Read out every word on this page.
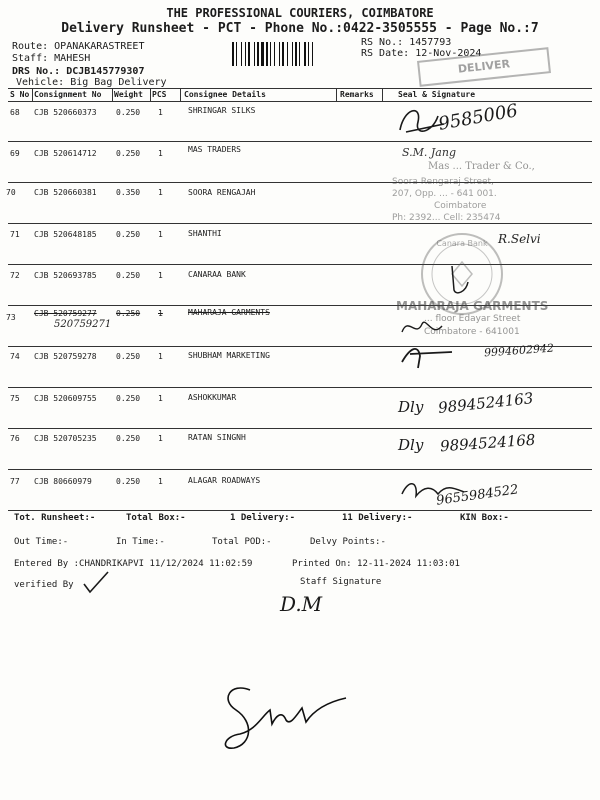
THE PROFESSIONAL COURIERS, COIMBATORE
Delivery Runsheet - PCT - Phone No.:0422-3505555 - Page No.:7
Route: OPANAKARASTREET
Staff: MAHESH
DRS No.: DCJB145779307
Vehicle: Big Bag Delivery
RS No.: 1457793
RS Date: 12-Nov-2024
DELIVER
S No Consignment No Weight PCS Consignee Details	Remarks	Seal & Signature
68 CJB 520660373 0.250 1	SHRINGAR SILKS
69 CJB 520614712 0.250 1	MAS TRADERS
70 CJB 520660381 0.350 1	SOORA RENGAJAH
71 CJB 520648185 0.250 1	SHANTHI
72 CJB 520693785 0.250 1	CANARAA BANK
73 CJB 520759277 0.250 1	MAHARAJA GARMENTS
520759271
74 CJB 520759278 0.250 1	SHUBHAM MARKETING
75 CJB 520609755 0.250 1	ASHOKKUMAR
76 CJB 520705235 0.250 1	RATAN SINGNH
77 CJB 80660979	0.250 1	ALAGAR ROADWAYS
Mas ... Trader & Co.,
Soora Rengaraj Street,
207, Opp. ... - 641 001.
Coimbatore
Ph: 2392... Cell: 235474
Canara Bank
MAHARAJA GARMENTS
... floor Edayar Street
Coimbatore - 641001
9585006
S.M. Jang
R.Selvi
9994602942
Dly 9894524163
Dly 9894524168
9655984522
Tot. Runsheet:-	Total Box:-	1 Delivery:-	11 Delivery:-	KIN Box:-
Out Time:-	In Time:-	Total POD:-	Delvy Points:-
Entered By :CHANDRIKAPVI 11/12/2024 11:02:59	Printed On: 12-11-2024 11:03:01
verified By	Staff Signature
D.M
